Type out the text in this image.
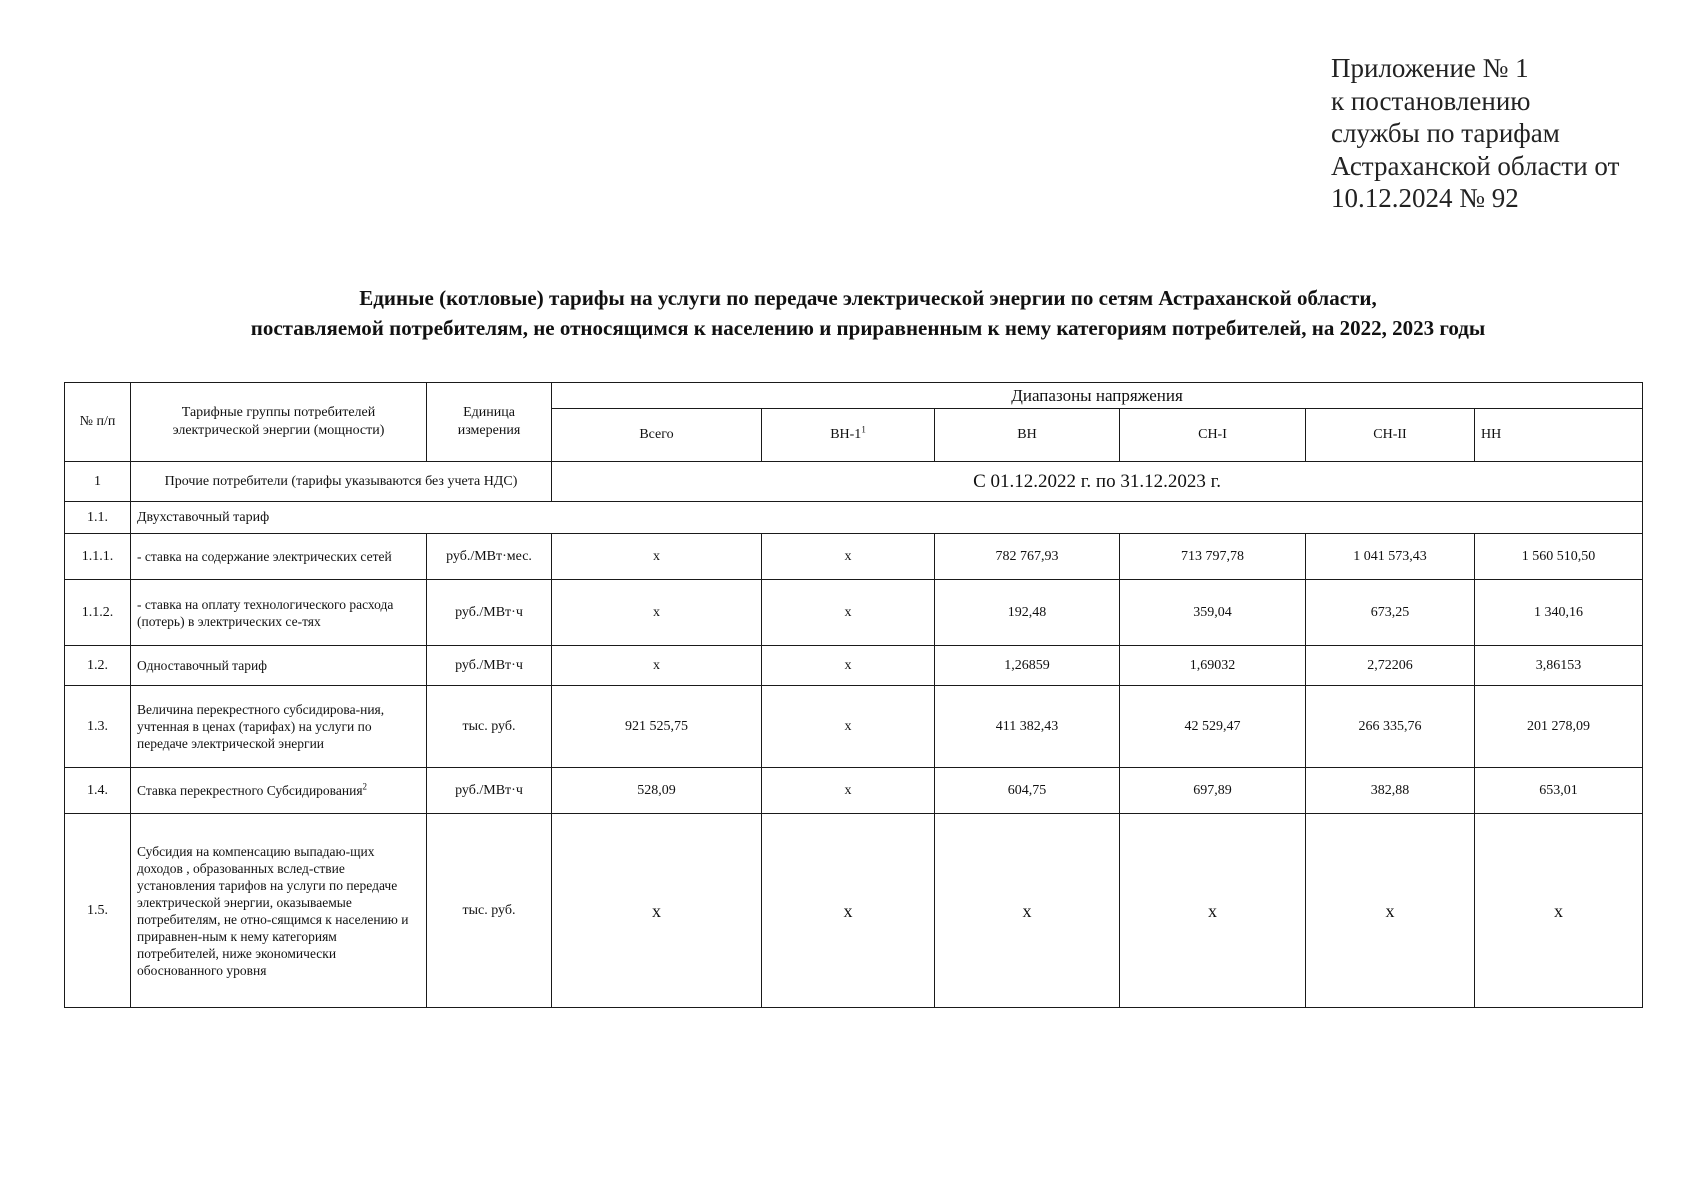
Приложение № 1
к постановлению
службы по тарифам
Астраханской области от
10.12.2024 № 92
Единые (котловые) тарифы на услуги по передаче электрической энергии по сетям Астраханской области,
поставляемой потребителям, не относящимся к населению и приравненным к нему категориям потребителей, на 2022, 2023 годы
№ п/п	Тарифные группы потребителей электрической энергии (мощности)	Единица измерения	Диапазоны напряжения					
			Всего	$ВН-1^1$	ВН	СН-I	СН-II	НН
1	Прочие потребители (тарифы указываются без учета НДС)		С 01.12.2022 г. по 31.12.2023 г.					
1.1.	Двухставочный тариф							
1.1.1.	- ставка на содержание электрических сетей	руб./МВт·мес.	х	х	782 767,93	713 797,78	1 041 573,43	1 560 510,50
1.1.2.	- ставка на оплату технологического расхода (потерь) в электрических се-тях	руб./МВт·ч	х	х	192,48	359,04	673,25	1 340,16
1.2.	Одноставочный тариф	руб./МВт·ч	х	х	1,26859	1,69032	2,72206	3,86153
1.3.	Величина перекрестного субсидирова-ния, учтенная в ценах (тарифах) на услуги по передаче электрической энергии	тыс. руб.	921 525,75	х	411 382,43	42 529,47	266 335,76	201 278,09
1.4.	Ставка перекрестного Субсидирования$^2$	руб./МВт·ч	528,09	х	604,75	697,89	382,88	653,01
1.5.	Субсидия на компенсацию выпадаю-щих доходов , образованных вслед-ствие установления тарифов на услуги по передаче электрической энергии, оказываемые потребителям, не отно-сящимся к населению и приравнен-ным к нему категориям потребителей, ниже экономически обоснованного уровня	тыс. руб.	х	х	х	х	х	х
